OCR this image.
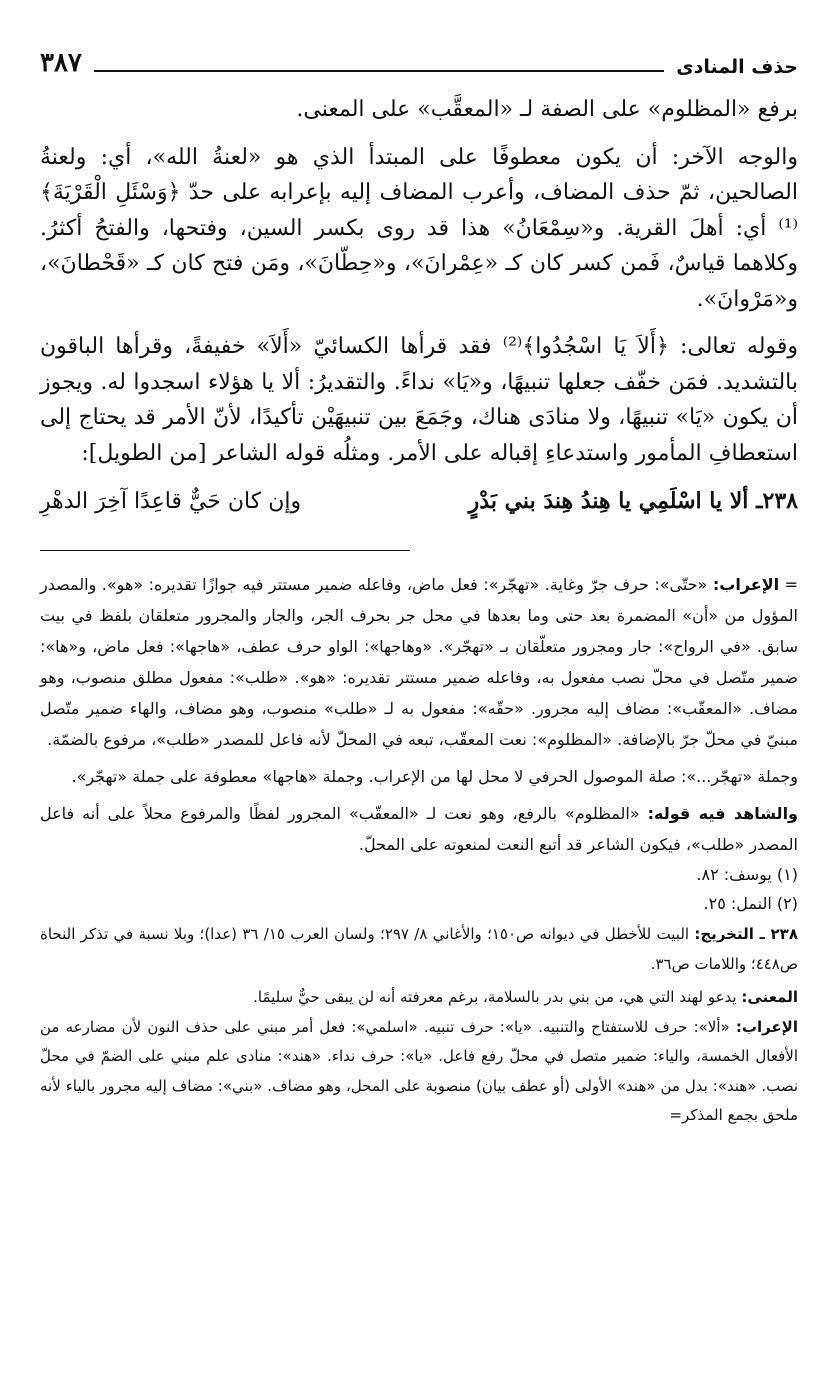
حذف المنادى
٣٨٧

برفع «المظلوم» على الصفة لـ «المعقَّب» على المعنى.

والوجه الآخر: أن يكون معطوفًا على المبتدأ الذي هو «لعنةُ الله»، أي: ولعنةُ الصالحين، ثمّ حذف المضاف، وأعرب المضاف إليه بإعرابه على حدّ ﴿وَسْئَلِ الْقَرْيَةَ﴾⁽¹⁾ أي: أهلَ القرية. و«سِمْعَانُ» هذا قد روى بكسر السين، وفتحها، والفتحُ أكثرُ. وكلاهما قياسٌ، فَمن كسر كان كـ «عِمْرانَ»، و«حِطّانَ»، ومَن فتح كان كـ «قَحْطانَ»، و«مَرْوانَ».

وقوله تعالى: ﴿أَلاَ يَا اسْجُدُوا﴾⁽²⁾ فقد قرأها الكسائيّ «أَلاَ» خفيفةً، وقرأها الباقون بالتشديد. فمَن خفّف جعلها تنبيهًا، و«يَا» نداءً. والتقديرُ: ألا يا هؤلاء اسجدوا له. ويجوز أن يكون «يَا» تنبيهًا، ولا منادَى هناك، وجَمَعَ بين تنبيهَيْن تأكيدًا، لأنّ الأمر قد يحتاج إلى استعطافِ المأمور واستدعاءِ إقباله على الأمر. ومثلُه قوله الشاعر [من الطويل]:

٢٣٨ـ ألا يا اسْلَمِي يا هِندُ هِندَ بني بَدْرٍ
وإن كان حَيٌّ قاعِدًا آخِرَ الدهْرِ

= الإعراب: «حتّى»: حرف جرّ وغاية. «تهجّر»: فعل ماض، وفاعله ضمير مستتر فيه جوازًا تقديره: «هو». والمصدر المؤول من «أن» المضمرة بعد حتى وما بعدها في محل جر بحرف الجر، والجار والمجرور متعلقان بلفظ في بيت سابق. «في الرواح»: جار ومجرور متعلّقان بـ «تهجّر». «وهاجها»: الواو حرف عطف، «هاجها»: فعل ماض، و«ها»: ضمير متّصل في محلّ نصب مفعول به، وفاعله ضمير مستتر تقديره: «هو». «طلب»: مفعول مطلق منصوب، وهو مضاف. «المعقّب»: مضاف إليه مجرور. «حقّه»: مفعول به لـ «طلب» منصوب، وهو مضاف، والهاء ضمير متّصل مبنيّ في محلّ جرّ بالإضافة. «المظلوم»: نعت المعقّب، تبعه في المحلّ لأنه فاعل للمصدر «طلب»، مرفوع بالضمّة.

وجملة «تهجّر...»: صلة الموصول الحرفي لا محل لها من الإعراب. وجملة «هاجها» معطوفة على جملة «تهجّر».

والشاهد فيه قوله: «المظلوم» بالرفع، وهو نعت لـ «المعقّب» المجرور لفظًا والمرفوع محلاً على أنه فاعل المصدر «طلب»، فيكون الشاعر قد أتبع النعت لمنعوته على المحلّ.

(١) يوسف: ٨٢.
(٢) النمل: ٢٥.

٢٣٨ ـ التخريج: البيت للأخطل في ديوانه ص١٥٠؛ والأغاني ٨/ ٢٩٧؛ ولسان العرب ١٥/ ٣٦ (عدا)؛ وبلا نسبة في تذكر النحاة ص٤٤٨؛ واللامات ص٣٦.

المعنى: يدعو لهند التي هي، من بني بدر بالسلامة، برغم معرفته أنه لن يبقى حيٌّ سليمًا.

الإعراب: «ألا»: حرف للاستفتاح والتنبيه. «يا»: حرف تنبيه. «اسلمي»: فعل أمر مبني على حذف النون لأن مضارعه من الأفعال الخمسة، والياء: ضمير متصل في محلّ رفع فاعل. «يا»: حرف نداء. «هند»: منادى علم مبني على الضمّ في محلّ نصب. «هند»: بدل من «هند» الأولى (أو عطف بيان) منصوبة على المحل، وهو مضاف. «بني»: مضاف إليه مجرور بالياء لأنه ملحق بجمع المذكر=
